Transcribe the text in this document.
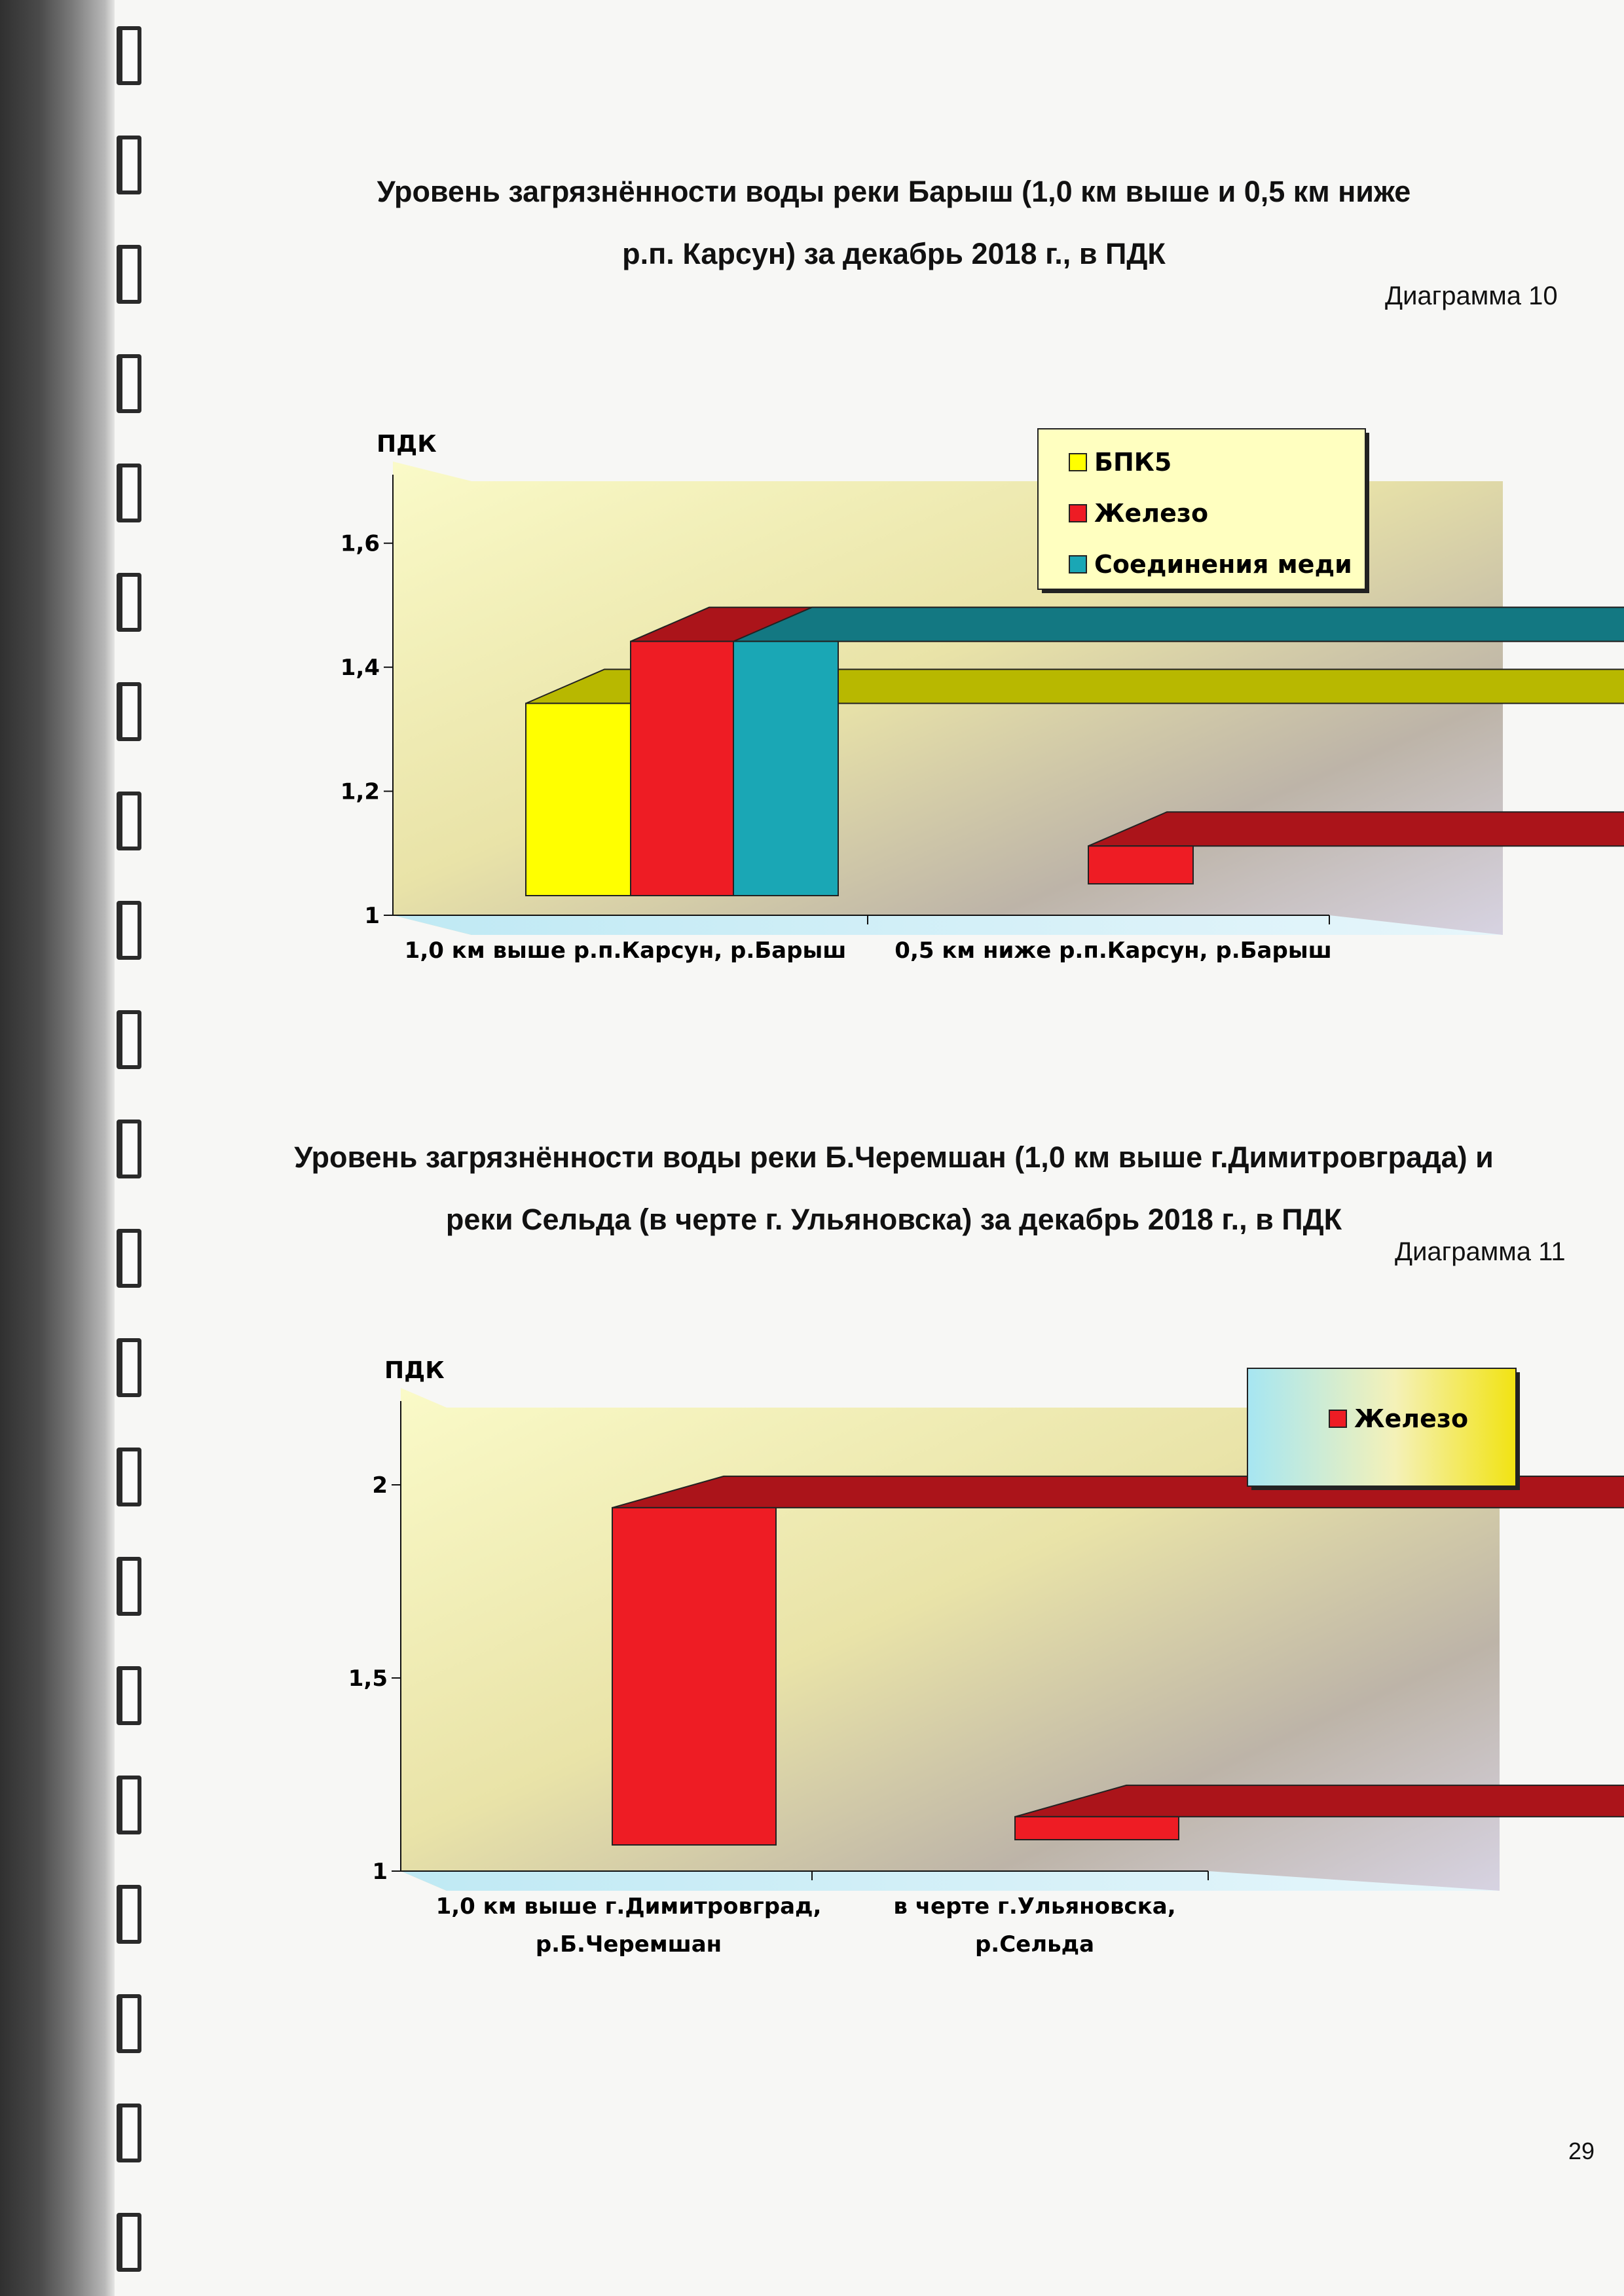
Уровень загрязнённости воды реки Барыш (1,0 км выше и 0,5 км ниже
р.п. Карсун) за декабрь 2018 г., в ПДК
Диаграмма 10
ПДК
1
1,2
1,4
1,6
1,0 км выше р.п.Карсун, р.Барыш 0,5 км ниже р.п.Карсун, р.Барыш
БПК5
Железо
Соединения меди
Уровень загрязнённости воды реки Б.Черемшан (1,0 км выше г.Димитровграда) и
реки Сельда (в черте г. Ульяновска) за декабрь 2018 г., в ПДК
Диаграмма 11
ПДК
1
1,5
2
1,0 км выше г.Димитровград,
р.Б.Черемшан
в черте г.Ульяновска,
р.Сельда
Железо
29
